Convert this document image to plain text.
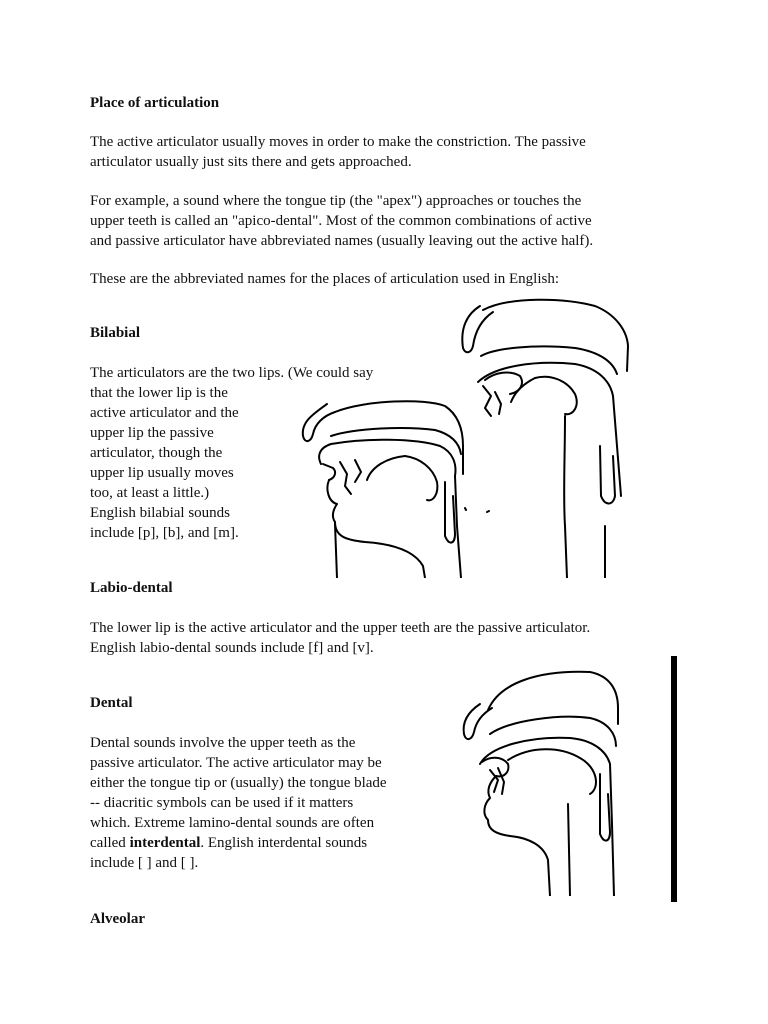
Place of articulation
The active articulator usually moves in order to make the constriction. The passive
articulator usually just sits there and gets approached.
For example, a sound where the tongue tip (the "apex") approaches or touches the
upper teeth is called an "apico-dental". Most of the common combinations of active
and passive articulator have abbreviated names (usually leaving out the active half).
These are the abbreviated names for the places of articulation used in English:
Bilabial
The articulators are the two lips. (We could say
that the lower lip is the
active articulator and the
upper lip the passive
articulator, though the
upper lip usually moves
too, at least a little.)
English bilabial sounds
include [p], [b], and [m].
Labio-dental
The lower lip is the active articulator and the upper teeth are the passive articulator.
English labio-dental sounds include [f] and [v].
Dental
Dental sounds involve the upper teeth as the
passive articulator. The active articulator may be
either the tongue tip or (usually) the tongue blade
-- diacritic symbols can be used if it matters
which. Extreme lamino-dental sounds are often
called interdental. English interdental sounds
include [ ] and [ ].
Alveolar
